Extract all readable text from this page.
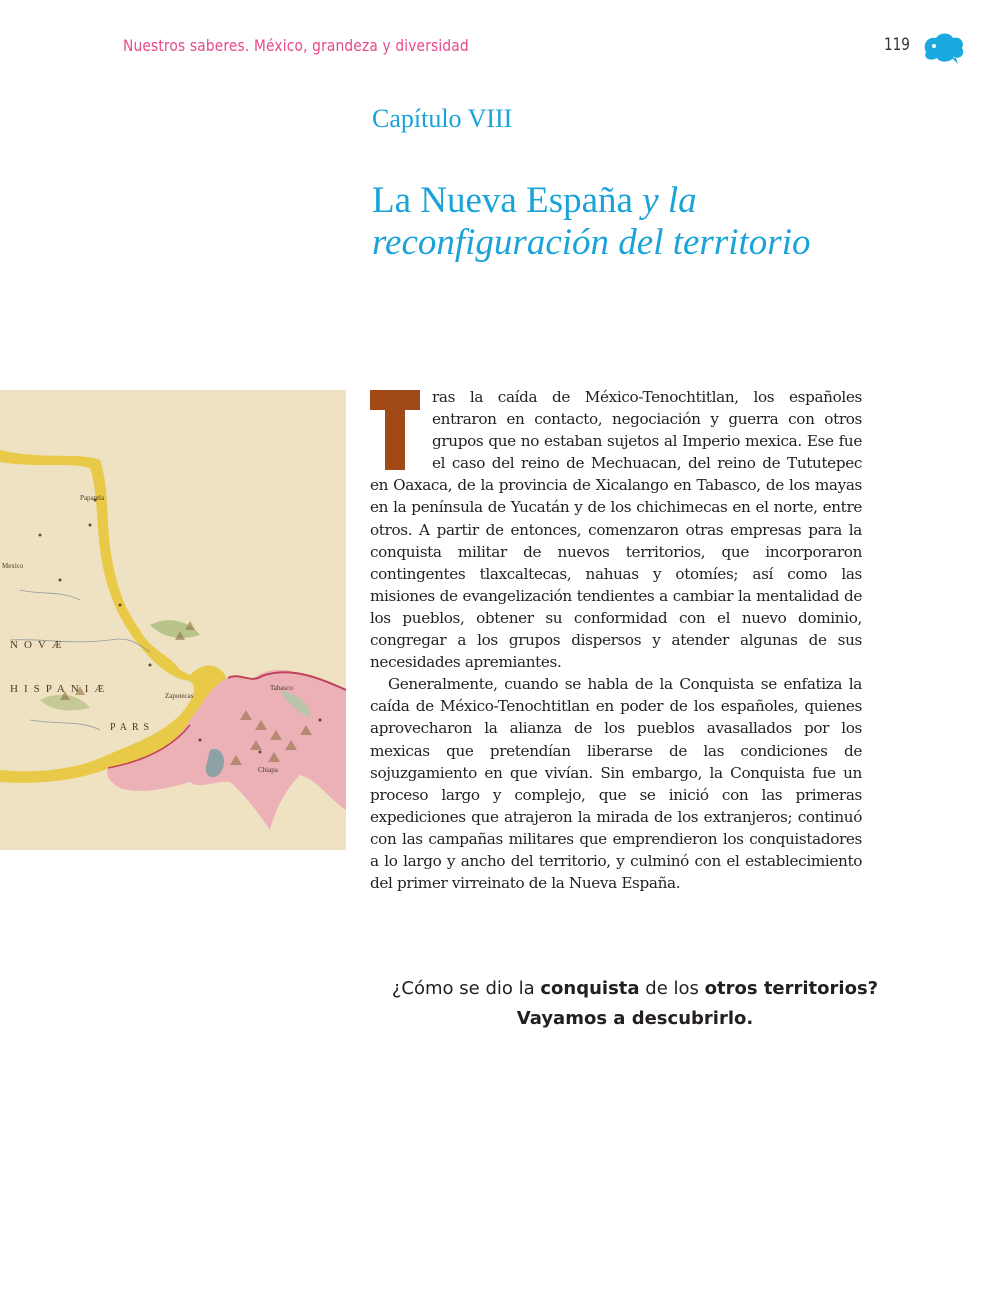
Nuestros saberes. México, grandeza y diversidad	119
Capítulo VIII
La Nueva España y la
reconfiguración del territorio
NOVÆ
HISPANIÆ
PARS
Papantla
Zapotecas
Chiapa
Tabasco
Mexico

ras la caída de México-Tenochtitlan, los españoles entraron en contacto, negociación y guerra con otros grupos que no estaban sujetos al Imperio mexica. Ese fue el caso del reino de Mechuacan, del reino de Tututepec en Oaxaca, de la provincia de Xicalango en Tabasco, de los mayas en la península de Yucatán y de los chichimecas en el norte, entre otros. A partir de entonces, comenzaron otras empresas para la conquista militar de nuevos territorios, que incorporaron contingentes tlaxcaltecas, nahuas y otomíes; así como las misiones de evangelización tendientes a cambiar la mentalidad de los pueblos, obtener su conformidad con el nuevo dominio, congregar a los grupos dispersos y atender algunas de sus necesidades apremiantes.

Generalmente, cuando se habla de la Conquista se enfatiza la caída de México-Tenochtitlan en poder de los españoles, quienes aprovecharon la alianza de los pueblos avasallados por los mexicas que pretendían liberarse de las condiciones de sojuzgamiento en que vivían. Sin embargo, la Conquista fue un proceso largo y complejo, que se inició con las primeras expediciones que atrajeron la mirada de los extranjeros; continuó con las campañas militares que emprendieron los conquistadores a lo largo y ancho del territorio, y culminó con el establecimiento del primer virreinato de la Nueva España.

¿Cómo se dio la conquista de los otros territorios? Vayamos a descubrirlo.
